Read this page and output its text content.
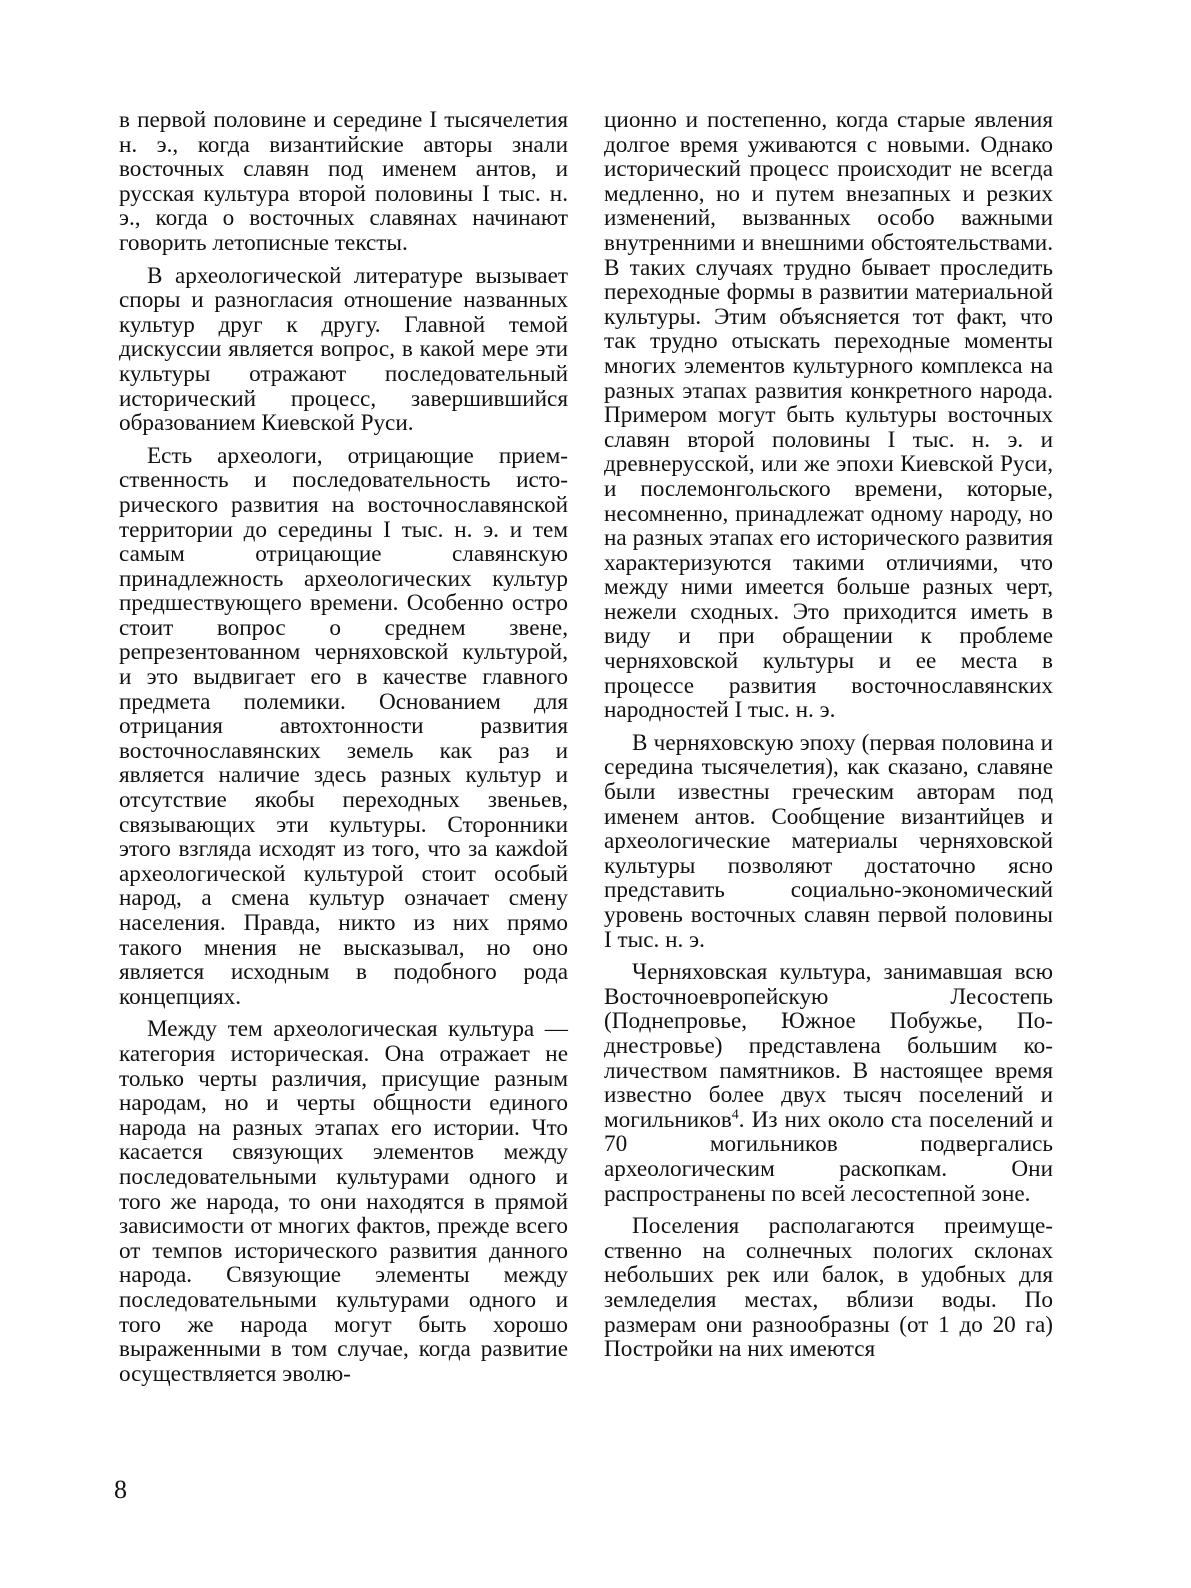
в первой половине и середине I тысячелетия н. э., когда византийские авторы знали восточных славян под именем антов, и русская культура второй половины I тыс. н. э., когда о восточных славянах начинают говорить летописные тексты.

В археологической литературе вызывает споры и разногласия отношение названных культур друг к другу. Главной темой дискуссии является вопрос, в какой мере эти культуры отражают последовательный исторический процесс, завершившийся образованием Киевской Руси.

Есть археологи, отрицающие приемственность и последовательность исторического развития на восточнославянской территории до середины I тыс. н. э. и тем самым отрицающие славянскую принадлежность археологических культур предшествующего времени. Особенно остро стоит вопрос о среднем звене, репрезентованном черняховской культурой, и это выдвигает его в качестве главного предмета полемики. Основанием для отрицания автохтонности развития восточнославянских земель как раз и является наличие здесь разных культур и отсутствие якобы переходных звеньев, связывающих эти культуры. Сторонники этого взгляда исходят из того, что за кажdой археологической культурой стоит особый народ, а смена культур означает смену населения. Правда, никто из них прямо такого мнения не высказывал, но оно является исходным в подобного рода концепциях.

Между тем археологическая культура — категория историческая. Она отражает не только черты различия, присущие разным народам, но и черты общности единого народа на разных этапах его истории. Что касается связующих элементов между последовательными культурами одного и того же народа, то они находятся в прямой зависимости от многих фактов, прежде всего от темпов исторического развития данного народа. Связующие элементы между последовательными культурами одного и того же народа могут быть хорошо выраженными в том случае, когда развитие осуществляется эволю-

ционно и постепенно, когда старые явления долгое время уживаются с новыми. Однако исторический процесс происходит не всегда медленно, но и путем внезапных и резких изменений, вызванных особо важными внутренними и внешними обстоятельствами. В таких случаях трудно бывает проследить переходные формы в развитии материальной культуры. Этим объясняется тот факт, что так трудно отыскать переходные моменты многих элементов культурного комплекса на разных этапах развития конкретного народа. Примером могут быть культуры восточных славян второй половины I тыс. н. э. и древнерусской, или же эпохи Киевской Руси, и послемонгольского времени, которые, несомненно, принадлежат одному народу, но на разных этапах его исторического развития характеризуются такими отличиями, что между ними имеется больше разных черт, нежели сходных. Это приходится иметь в виду и при обращении к проблеме черняховской культуры и ее места в процессе развития восточнославянских народностей I тыс. н. э.

В черняховскую эпоху (первая половина и середина тысячелетия), как сказано, славяне были известны греческим авторам под именем антов. Сообщение византийцев и археологические материалы черняховской культуры позволяют достаточно ясно представить социально-экономический уровень восточных славян первой половины I тыс. н. э.

Черняховская культура, занимавшая всю Восточноевропейскую Лесостепь (Поднепровье, Южное Побужье, Поднестровье) представлена большим количеством памятников. В настоящее время известно более двух тысяч поселений и могильников$^4$. Из них около ста поселений и 70 могильников подвергались археологическим раскопкам. Они распространены по всей лесостепной зоне.

Поселения располагаются преимущественно на солнечных пологих склонах небольших рек или балок, в удобных для земледелия местах, вблизи воды. По размерам они разнообразны (от 1 до 20 га) Постройки на них имеются

8
